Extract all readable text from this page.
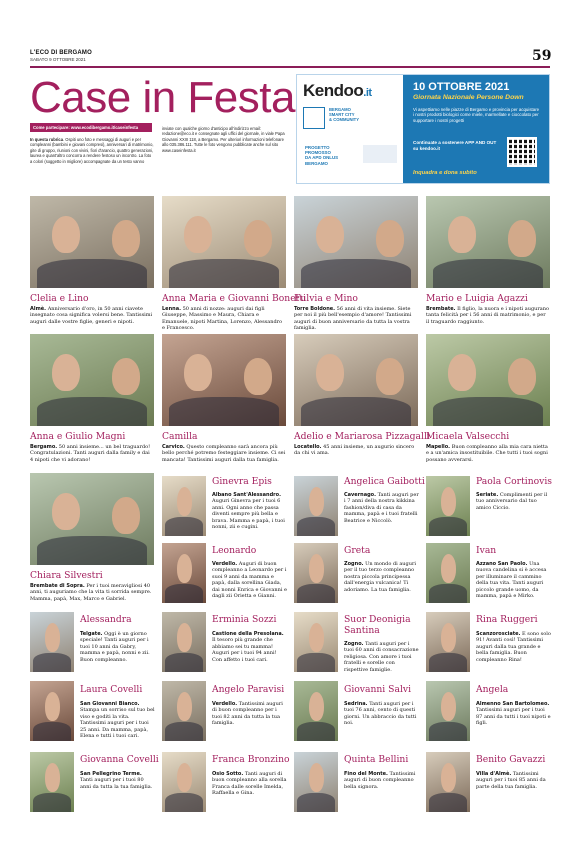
L'ECO DI BERGAMO
SABATO 9 OTTOBRE 2021	59
Case in Festa
Come partecipare: www.ecodibergamo.it/caseinfesta
In questa rubrica. Ospiti uno foto e messaggi di auguri e per compleanni (bambini e giovani compresi), anniversari di matrimonio, gite di gruppo, riunioni con vivini, fiori d'arancio, quattro generazioni, laurea e quant'altro concorra a rendere festoso un incontro. La foto a colori (soggetto in migliore) accompagnate da un testo vanno
inviate con qualche giorno d'anticipo all'indirizzo email: redazione@eco.it e consegnate agli uffici del giornale, in viale Papa Giovanni XXIII 118, a Bergamo. Per ulteriori informazioni telefonare allo 035.386.111. Tutte le foto vengono pubblicate anche sul sito www.caseinfesta.it
Kendoo.it
BERGAMO
SMART CITY
& COMMUNITY
PROGETTO
PROMOSSO
DA APD ONLUS
BERGAMO
10 OTTOBRE 2021
Giornata Nazionale Persone Down
Vi aspettiamo nelle piazze di Bergamo e provincia per acquistare i nostri prodotti biologici come miele, marmellate e cioccolato per supportare i nostri progetti
Continuate a sostenere APP AND OUT su kendoo.it
Inquadra e dona subito
Clelia e Lino
Almè. Anniversario d'oro, in 50 anni ciavete insegnato cosa significa volersi bene. Tantissimi auguri dalle vostre figlie, generi e nipoti.
Anna Maria e Giovanni Bonetti
Lenna. 50 anni di nozze: auguri dai figli Giuseppe, Massimo e Maura, Chiara e Emanuele, nipoti Martina, Lorenzo, Alessandro e Francesco.
Fulvia e Mino
Torre Boldone. 56 anni di vita insieme. Siete per noi il più bell'esempio d'amore! Tantissimi auguri di buon anniversario da tutta la vostra famiglia.
Mario e Luigia Agazzi
Brembate. Il figlio, la nuora e i nipoti augurano tanta felicità per i 56 anni di matrimonio, e per il traguardo raggiunto.
Anna e Giulio Magni
Bergamo. 50 anni insieme... un bel traguardo! Congratulazioni. Tanti auguri dalla family e dai 4 nipoti che vi adorano!
Camilla
Carvico. Questo compleanno sarà ancora più bello perché potremo festeggiare insieme. Ci sei mancata! Tantissimi auguri dalla tua famiglia.
Adelio e Mariarosa Pizzagalli
Locatello. 45 anni insieme, un augurio sincero da chi vi ama.
Micaela Valsecchi
Mapello. Buon compleanno alla mia cara nietta e a un'amica insostituibile. Che tutti i tuoi sogni possano avverarsi.
Chiara Silvestri
Brembate di Sopra. Per i tuoi meravigliosi 40 anni, ti auguriamo che la vita ti sorrida sempre. Mamma, papà, Max, Marco e Gabriel.
Ginevra Epis
Albano Sant'Alessandro. Auguri Ginevra per i tuoi 6 anni. Ogni anno che passa diventi sempre più bella e brava. Mamma e papà, i tuoi nonni, zii e cugini.
Angelica Gaibotti
Cavernago. Tanti auguri per i 7 anni della nostra kikkina fashion/diva di casa da mamma, papà e i tuoi fratelli Beatrice e Niccolò.
Paola Cortinovis
Seriate. Complimenti per il tuo anniversario dal tuo amico Ciccio.
Leonardo
Verdello. Auguri di buon compleanno a Leonardo per i suoi 9 anni da mamma e papà, dalla sorellina Giada, dai nonni Enrica e Giovanni e dagli zii Orietta e Gianni.
Greta
Zogno. Un mondo di auguri per il tuo terzo compleanno nostra piccola principessa dall'energia vulcanica! Ti adoriamo. La tua famiglia.
Ivan
Azzano San Paolo. Una nuova candelina si è accesa per illuminare il cammino della tua vita. Tanti auguri piccolo grande uomo, da mamma, papà e Mirko.
Alessandra
Telgate. Oggi è un giorno speciale! Tanti auguri per i tuoi 10 anni da Gabry, mamma e papà, nonni e zii. Buon compleanno.
Erminia Sozzi
Castione della Presolana. Il tesoro più grande che abbiamo sei tu mamma! Auguri per i tuoi 94 anni! Con affetto i tuoi cari.
Suor Deonigia Santina
Zogno. Tanti auguri per i tuoi 60 anni di consacrazione religiosa. Con amore i tuoi fratelli e sorelle con rispettive famiglie.
Rina Ruggeri
Scanzorosciate. E sono solo 91! Avanti così! Tantissimi auguri dalla tua grande e bella famiglia. Buon compleanno Rina!
Laura Covelli
San Giovanni Bianco. Stampa un sorriso sul tuo bel viso e goditi la vita. Tantissimi auguri per i tuoi 25 anni. Da mamma, papà, Elena e tutti i tuoi cari.
Angelo Paravisi
Verdello. Tantissimi auguri di buon compleanno per i tuoi 82 anni da tutta la tua famiglia.
Giovanni Salvi
Sedrina. Tanti auguri per i tuoi 76 anni, cento di questi giorni. Un abbraccio da tutti noi.
Angela
Almenno San Bartolomeo. Tantissimi auguri per i tuoi 87 anni da tutti i tuoi nipoti e figli.
Giovanna Covelli
San Pellegrino Terme. Tanti auguri per i tuoi 80 anni da tutta la tua famiglia.
Franca Bronzino
Osio Sotto. Tanti auguri di buon compleanno alla sorella Franca dalle sorelle Imelda, Raffaella e Gina.
Quinta Bellini
Fino del Monte. Tantissimi auguri di buon compleanno bella signora.
Benito Gavazzi
Villa d'Almè. Tantissimi auguri per i tuoi 85 anni da parte della tua famiglia.
